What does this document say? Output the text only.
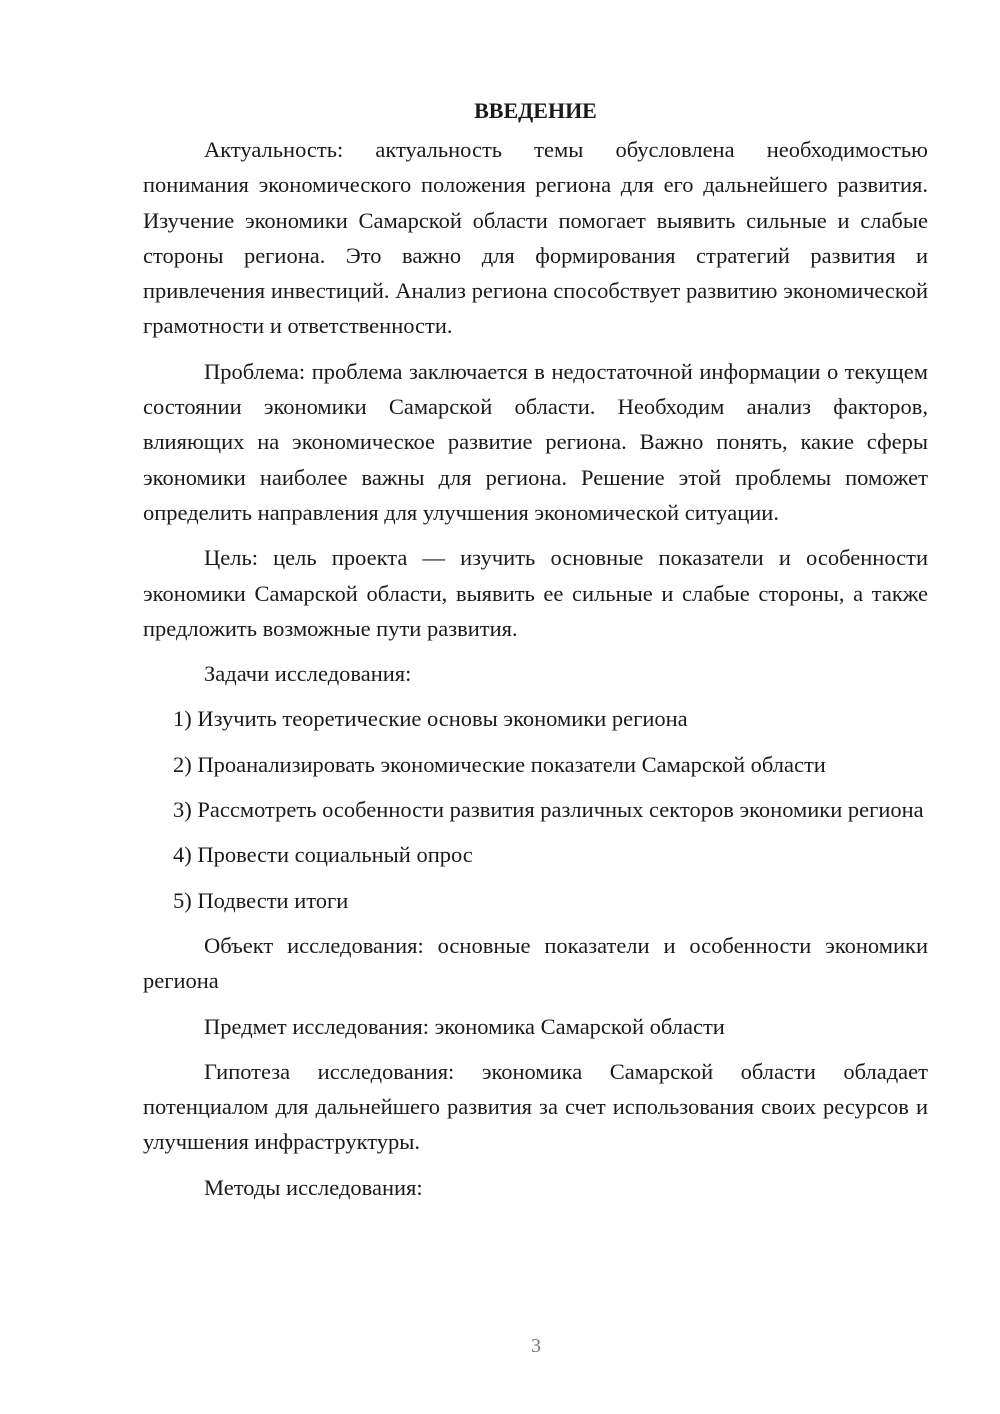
ВВЕДЕНИЕ

Актуальность: актуальность темы обусловлена необходимостью понимания экономического положения региона для его дальнейшего развития. Изучение экономики Самарской области помогает выявить сильные и слабые стороны региона. Это важно для формирования стратегий развития и привлечения инвестиций. Анализ региона способствует развитию экономической грамотности и ответственности.

Проблема: проблема заключается в недостаточной информации о текущем состоянии экономики Самарской области. Необходим анализ факторов, влияющих на экономическое развитие региона. Важно понять, какие сферы экономики наиболее важны для региона. Решение этой проблемы поможет определить направления для улучшения экономической ситуации.

Цель: цель проекта — изучить основные показатели и особенности экономики Самарской области, выявить ее сильные и слабые стороны, а также предложить возможные пути развития.

Задачи исследования:

1) Изучить теоретические основы экономики региона

2) Проанализировать экономические показатели Самарской области

3) Рассмотреть особенности развития различных секторов экономики региона

4) Провести социальный опрос

5) Подвести итоги

Объект исследования: основные показатели и особенности экономики региона

Предмет исследования: экономика Самарской области

Гипотеза исследования: экономика Самарской области обладает потенциалом для дальнейшего развития за счет использования своих ресурсов и улучшения инфраструктуры.

Методы исследования:

3
